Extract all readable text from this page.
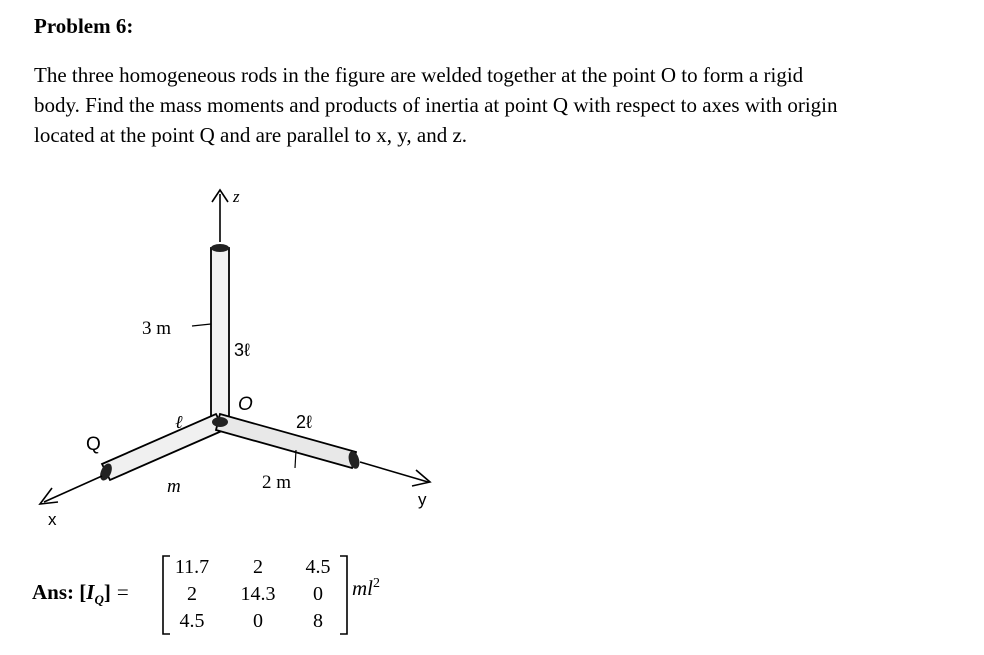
Problem 6:
The three homogeneous rods in the figure are welded together at the point O to form a rigid
body. Find the mass moments and products of inertia at point Q with respect to axes with origin
located at the point Q and are parallel to x, y, and z.
z
x
y
Q
O
3 m
3ℓ
ℓ
m
2ℓ
2 m
Ans: $[I_Q]$ =
11.7	2	4.5
2	14.3	0
4.5	0	8
$ml^2$
